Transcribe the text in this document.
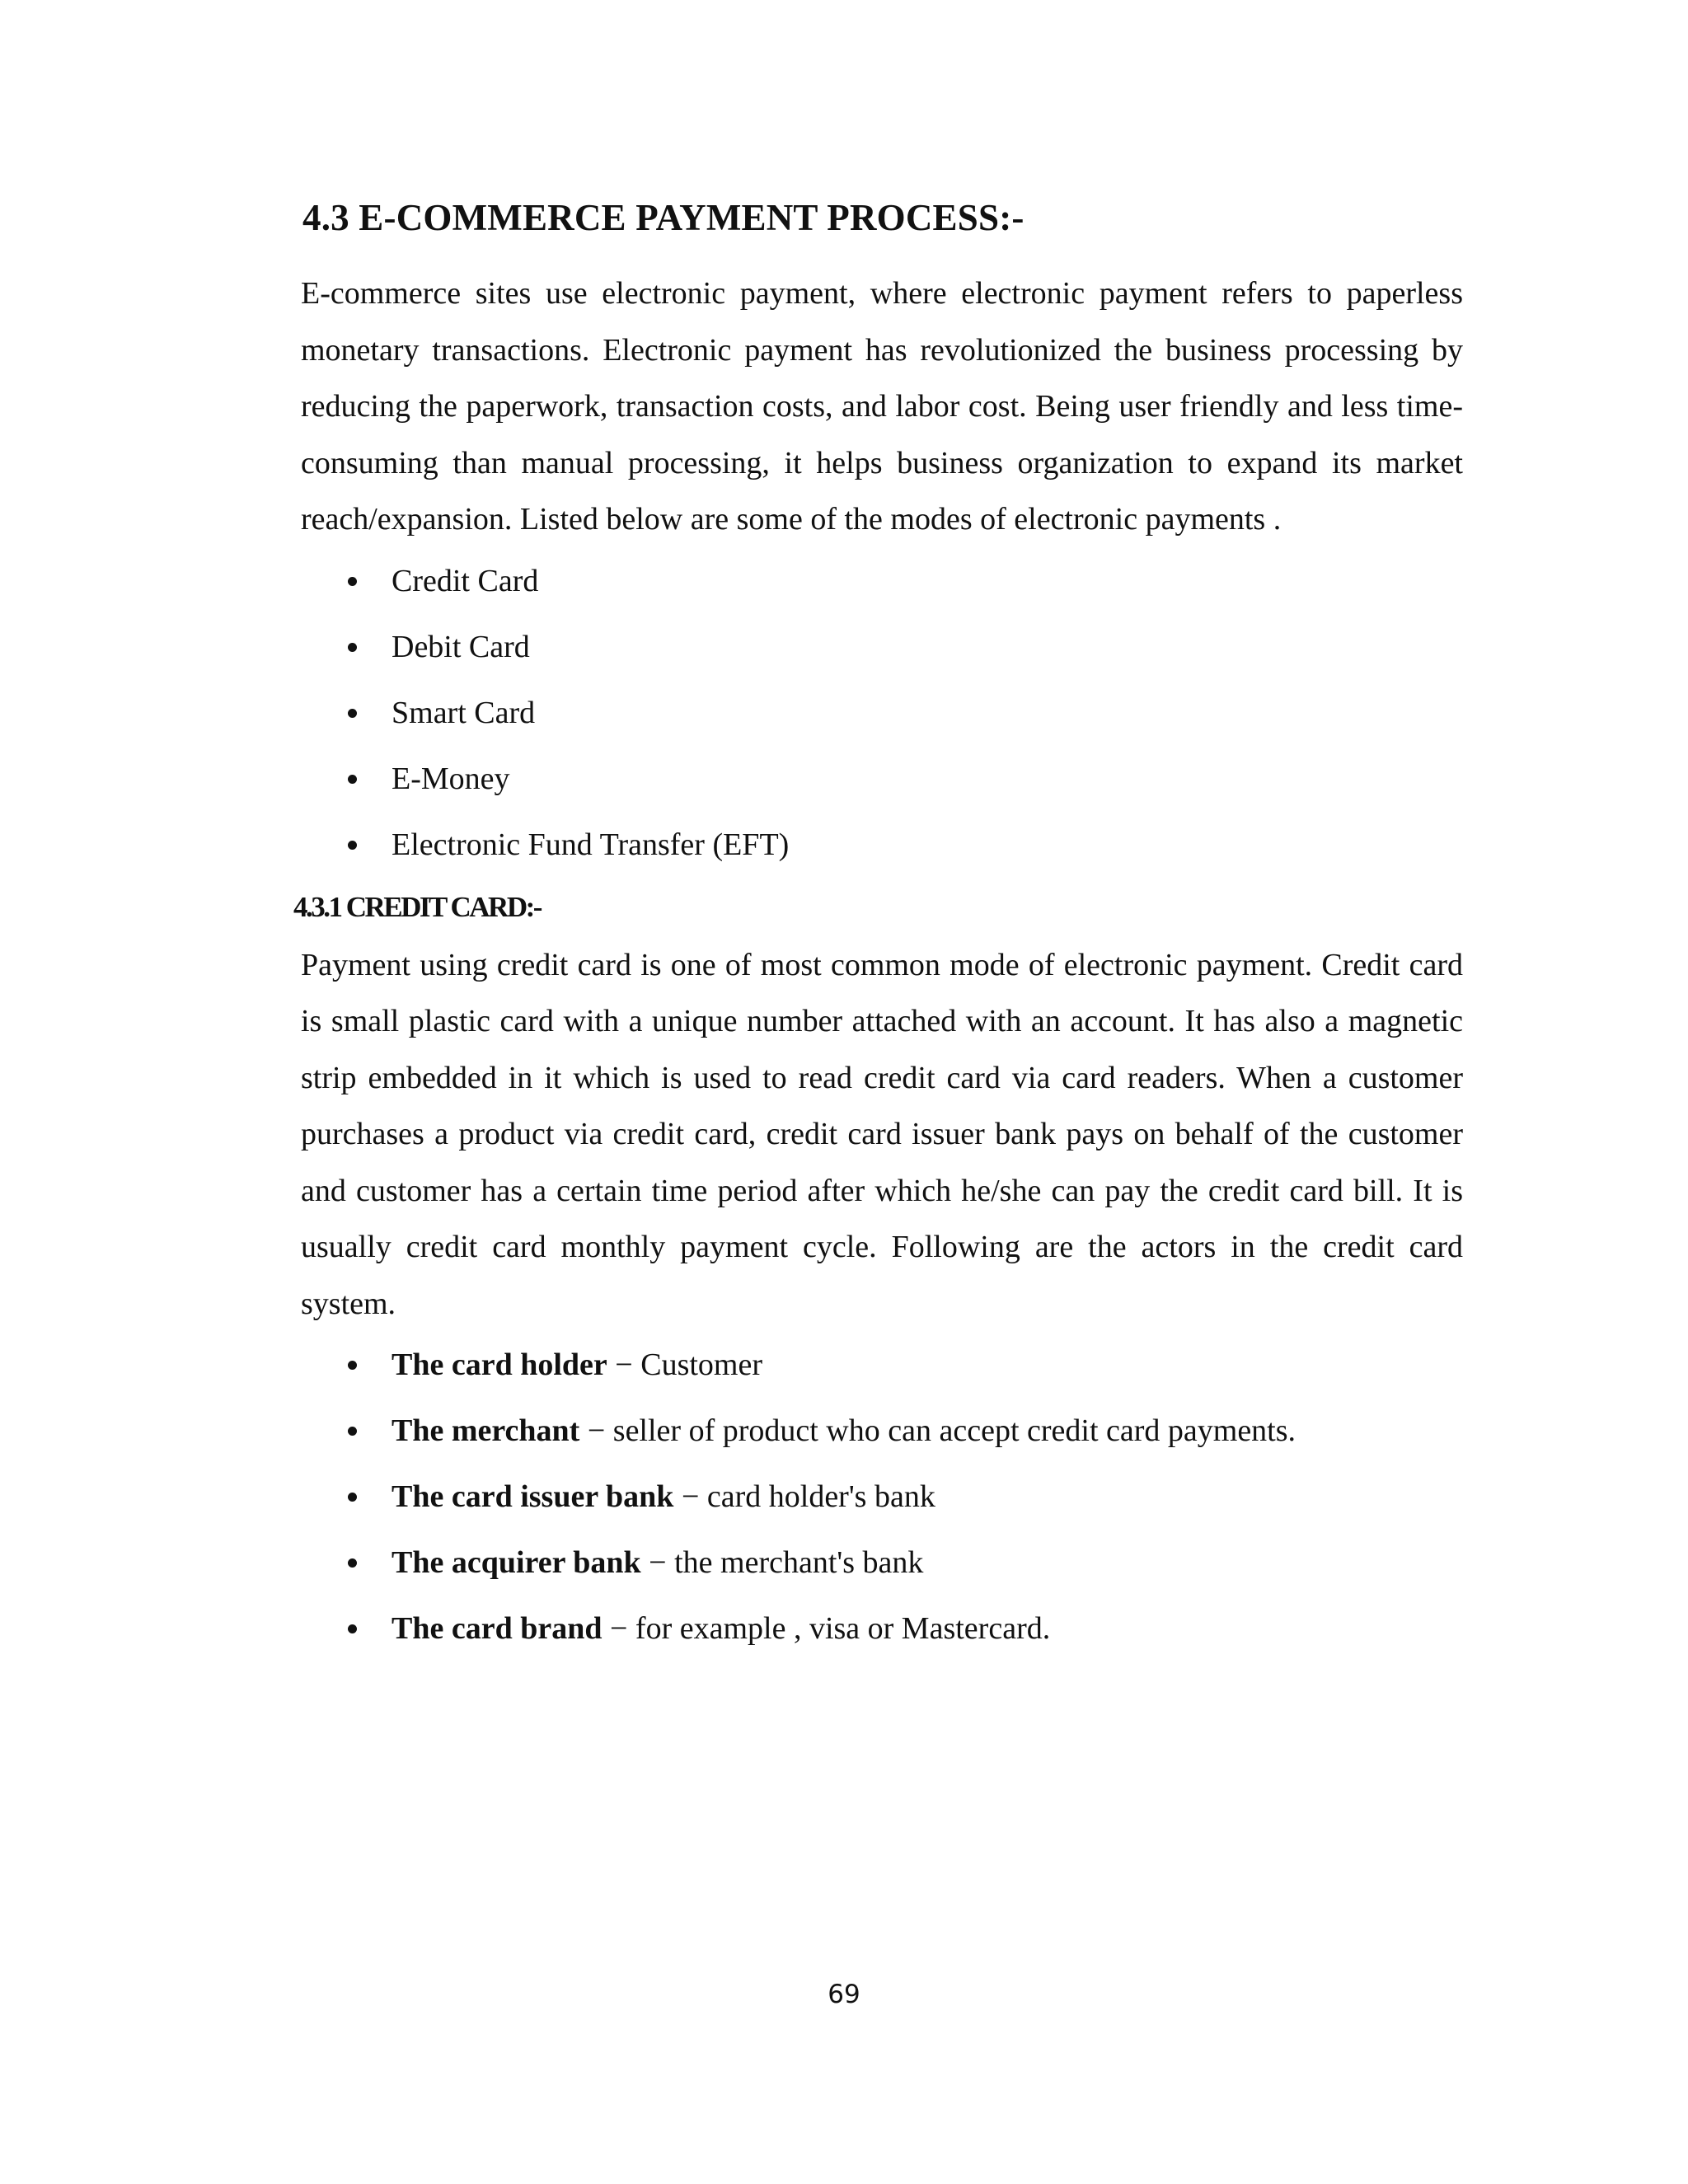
4.3 E-COMMERCE PAYMENT PROCESS:-

E-commerce sites use electronic payment, where electronic payment refers to paperless monetary transactions. Electronic payment has revolutionized the business processing by reducing the paperwork, transaction costs, and labor cost. Being user friendly and less time-consuming than manual processing, it helps business organization to expand its market reach/expansion. Listed below are some of the modes of electronic payments .

Credit Card
Debit Card
Smart Card
E-Money
Electronic Fund Transfer (EFT)
4.3.1 CREDIT CARD:-

Payment using credit card is one of most common mode of electronic payment. Credit card is small plastic card with a unique number attached with an account. It has also a magnetic strip embedded in it which is used to read credit card via card readers. When a customer purchases a product via credit card, credit card issuer bank pays on behalf of the customer and customer has a certain time period after which he/she can pay the credit card bill. It is usually credit card monthly payment cycle. Following are the actors in the credit card system.

The card holder − Customer
The merchant − seller of product who can accept credit card payments.
The card issuer bank − card holder's bank
The acquirer bank − the merchant's bank
The card brand − for example , visa or Mastercard.
69
